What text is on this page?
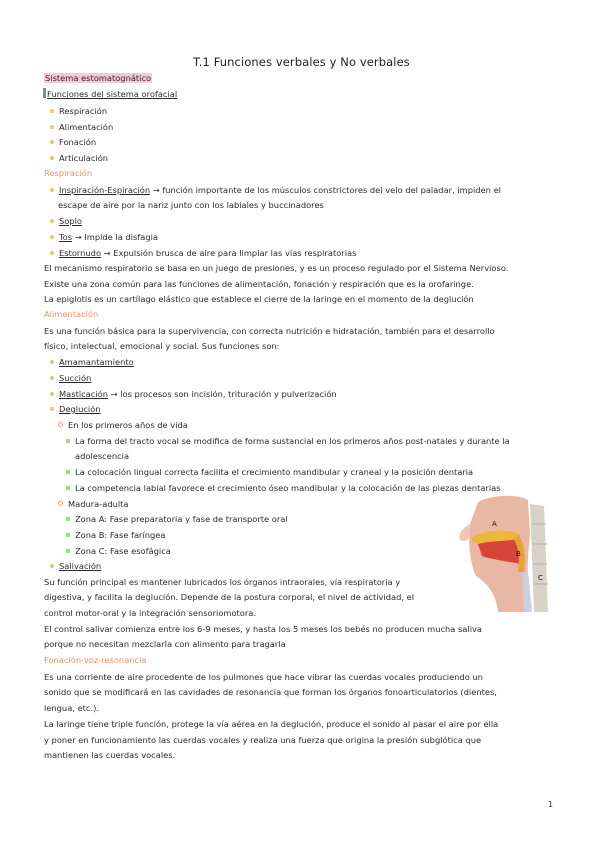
T.1 Funciones verbales y No verbales
Sistema estomatognático
Funciones del sistema orofacial
Respiración
Alimentación
Fonación
Articulación
Respiración
Inspiración-Espiración → función importante de los músculos constrictores del velo del paladar, impiden el
escape de aire por la nariz junto con los labiales y buccinadores
Soplo
Tos → Impide la disfagia
Estornudo → Expulsión brusca de aire para limpiar las vías respiratorias
El mecanismo respiratorio se basa en un juego de presiones, y es un proceso regulado por el Sistema Nervioso.
Existe una zona común para las funciones de alimentación, fonación y respiración que es la orofaringe.
La epiglotis es un cartílago elástico que establece el cierre de la laringe en el momento de la deglución
Alimentación
Es una función básica para la supervivencia, con correcta nutrición e hidratación, también para el desarrollo
físico, intelectual, emocional y social. Sus funciones son:
Amamantamiento
Succión
Masticación → los procesos son incisión, trituración y pulverización
Deglución
En los primeros años de vida
La forma del tracto vocal se modifica de forma sustancial en los primeros años post-natales y durante la
adolescencia
La colocación lingual correcta facilita el crecimiento mandibular y craneal y la posición dentaria
La competencia labial favorece el crecimiento óseo mandibular y la colocación de las piezas dentarias
Madura-adulta
Zona A: Fase preparatoria y fase de transporte oral
Zona B: Fase faríngea
Zona C: Fase esofágica
Salivación
Su función principal es mantener lubricados los órganos intraorales, vía respiratoria y
digestiva, y facilita la deglución. Depende de la postura corporal, el nivel de actividad, el
control motor-oral y la integración sensoriomotora.
El control salivar comienza entre los 6-9 meses, y hasta los 5 meses los bebés no producen mucha saliva
porque no necesitan mezclarla con alimento para tragarla
Fonación-voz-resonancia
Es una corriente de aire procedente de los pulmones que hace vibrar las cuerdas vocales produciendo un
sonido que se modificará en las cavidades de resonancia que forman los órganos fonoarticulatorios (dientes,
lengua, etc.).
La laringe tiene triple función, protege la vía aérea en la deglución, produce el sonido al pasar el aire por ella
y poner en funcionamiento las cuerdas vocales y realiza una fuerza que origina la presión subglótica que
mantienen las cuerdas vocales.
A
B
C
1
